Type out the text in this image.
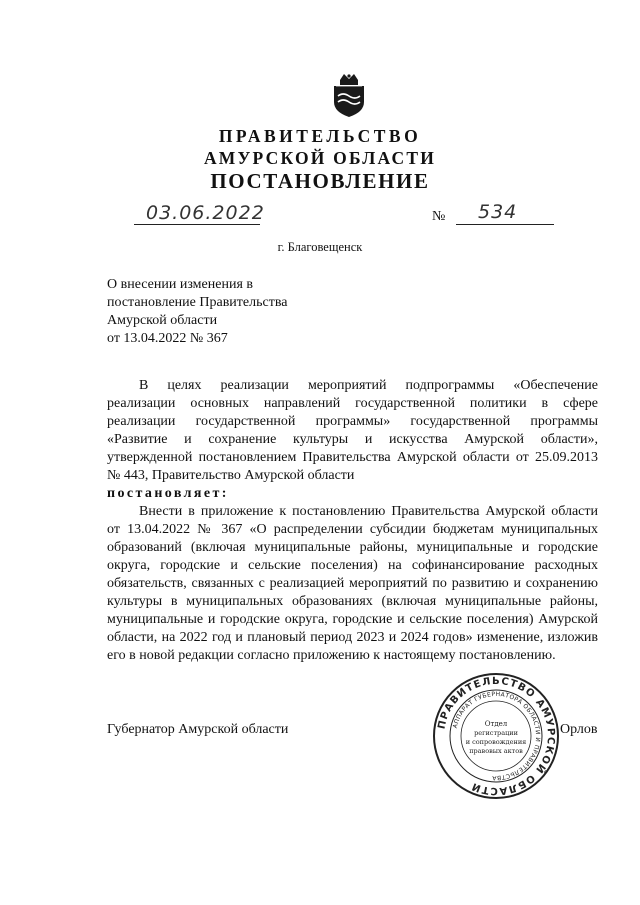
ПРАВИТЕЛЬСТВО
АМУРСКОЙ ОБЛАСТИ
ПОСТАНОВЛЕНИЕ
03.06.2022	№ 534
г. Благовещенск
О внесении изменения в
постановление Правительства
Амурской области
от 13.04.2022 № 367
В целях реализации мероприятий подпрограммы «Обеспечение
реализации основных направлений государственной политики в сфере
реализации государственной программы» государственной программы
«Развитие и сохранение культуры и искусства Амурской области»,
утвержденной постановлением Правительства Амурской области от 25.09.2013
№ 443, Правительство Амурской области
постановляет:
Внести в приложение к постановлению Правительства Амурской области
от 13.04.2022 № 367 «О распределении субсидии бюджетам муниципальных
образований (включая муниципальные районы, муниципальные и городские
округа, городские и сельские поселения) на софинансирование расходных
обязательств, связанных с реализацией мероприятий по развитию и сохранению
культуры в муниципальных образованиях (включая муниципальные районы,
муниципальные и городские округа, городские и сельские поселения) Амурской
области, на 2022 год и плановый период 2023 и 2024 годов» изменение, изложив
его в новой редакции согласно приложению к настоящему постановлению.
Губернатор Амурской области	Орлов
ПРАВИТЕЛЬСТВО АМУРСКОЙ ОБЛАСТИ
АППАРАТ ГУБЕРНАТОРА ОБЛАСТИ И ПРАВИТЕЛЬСТВА
Отдел
регистрации
и сопровождения
правовых актов
